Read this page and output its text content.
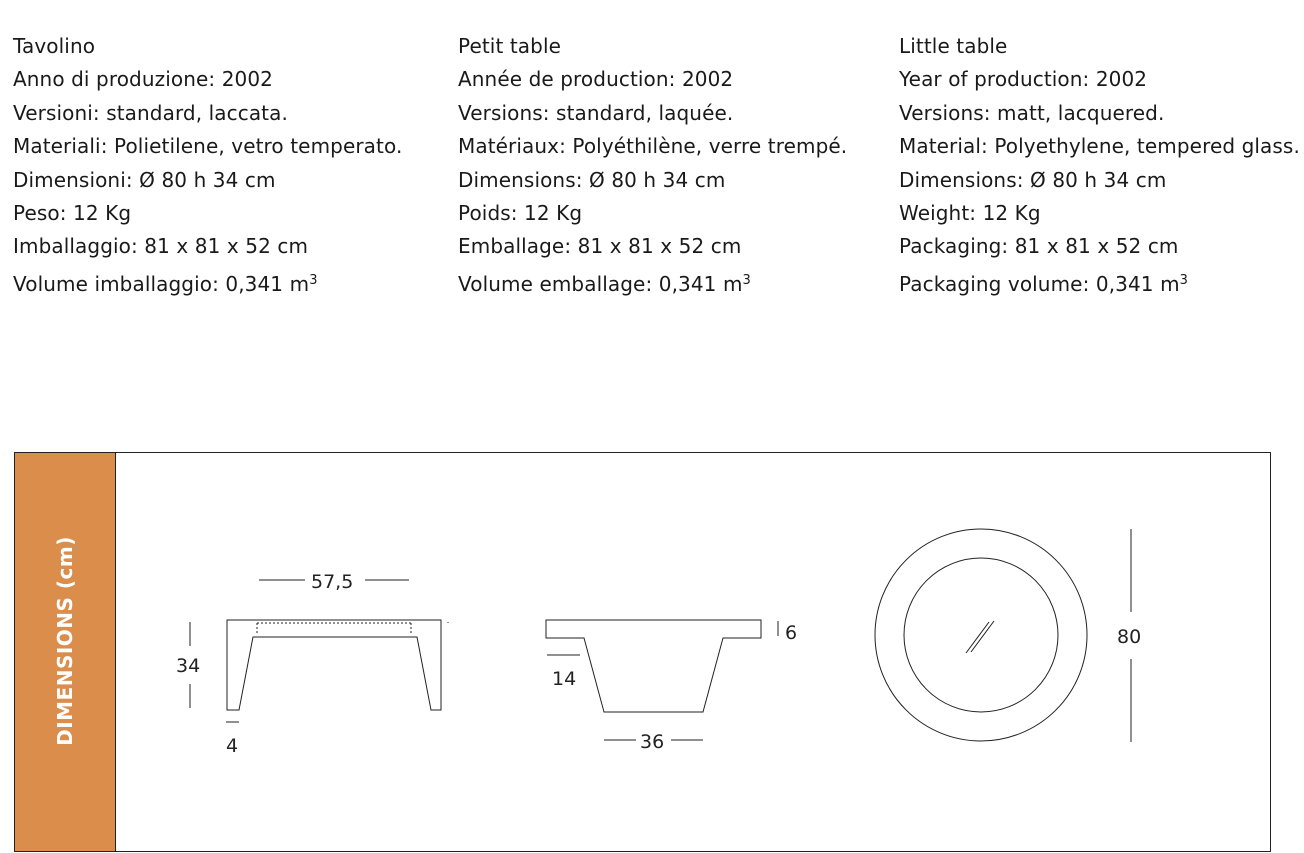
Tavolino
Anno di produzione: 2002
Versioni: standard, laccata.
Materiali: Polietilene, vetro temperato.
Dimensioni: Ø 80 h 34 cm
Peso: 12 Kg
Imballaggio: 81 x 81 x 52 cm
Volume imballaggio: 0,341 $m^3$
Petit table
Année de production: 2002
Versions: standard, laquée.
Matériaux: Polyéthilène, verre trempé.
Dimensions: Ø 80 h 34 cm
Poids: 12 Kg
Emballage: 81 x 81 x 52 cm
Volume emballage: 0,341 $m^3$
Little table
Year of production: 2002
Versions: matt, lacquered.
Material: Polyethylene, tempered glass.
Dimensions: Ø 80 h 34 cm
Weight: 12 Kg
Packaging: 81 x 81 x 52 cm
Packaging volume: 0,341 $m^3$
DIMENSIONS (cm)	57,5
34
4
6
14
36
80
